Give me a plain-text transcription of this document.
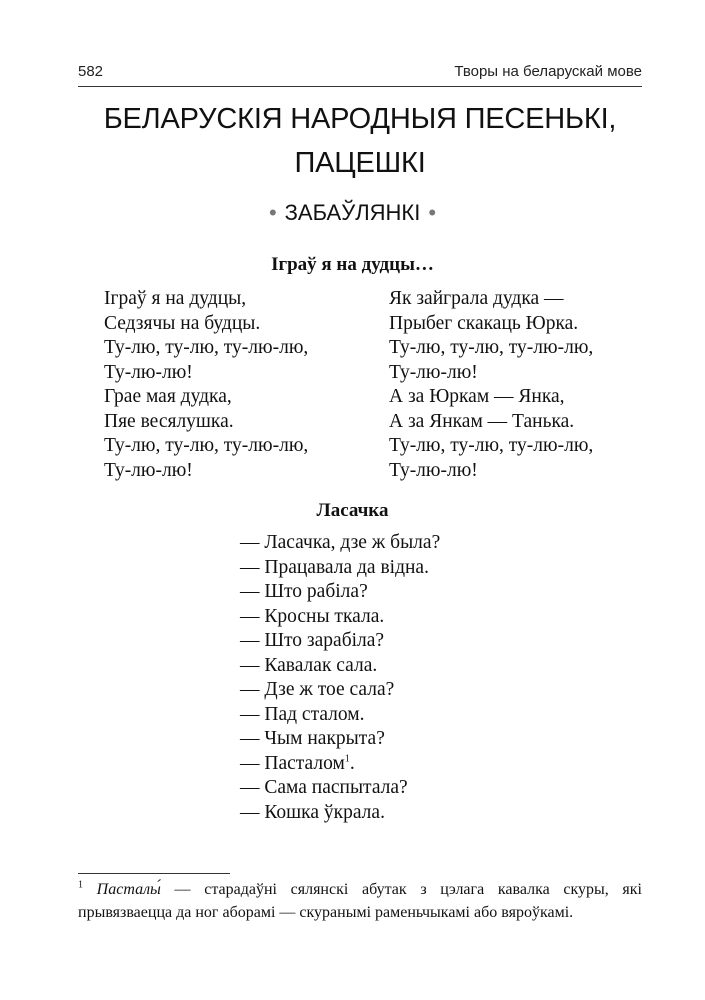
582	Творы на беларускай мове
БЕЛАРУСКІЯ НАРОДНЫЯ ПЕСЕНЬКІ,
ПАЦЕШКІ
• ЗАБАЎЛЯНКІ •
Іграў я на дудцы…
Іграў я на дудцы,
Седзячы на будцы.
Ту-лю, ту-лю, ту-лю-лю,
Ту-лю-лю!
Грае мая дудка,
Пяе весялушка.
Ту-лю, ту-лю, ту-лю-лю,
Ту-лю-лю!
Як зайграла дудка —
Прыбег скакаць Юрка.
Ту-лю, ту-лю, ту-лю-лю,
Ту-лю-лю!
А за Юркам — Янка,
А за Янкам — Танька.
Ту-лю, ту-лю, ту-лю-лю,
Ту-лю-лю!
Ласачка
— Ласачка, дзе ж была?
— Працавала да відна.
— Што рабіла?
— Кросны ткала.
— Што зарабіла?
— Кавалак сала.
— Дзе ж тое сала?
— Пад сталом.
— Чым накрыта?
— Пасталом$^1$.
— Сама паспытала?
— Кошка ўкрала.
$^1$ Пасталы́ — старадаўні сялянскі абутак з цэлага кавалка скуры, які прывязваецца да ног аборамі — скуранымі раменьчыкамі або вяроўкамі.
